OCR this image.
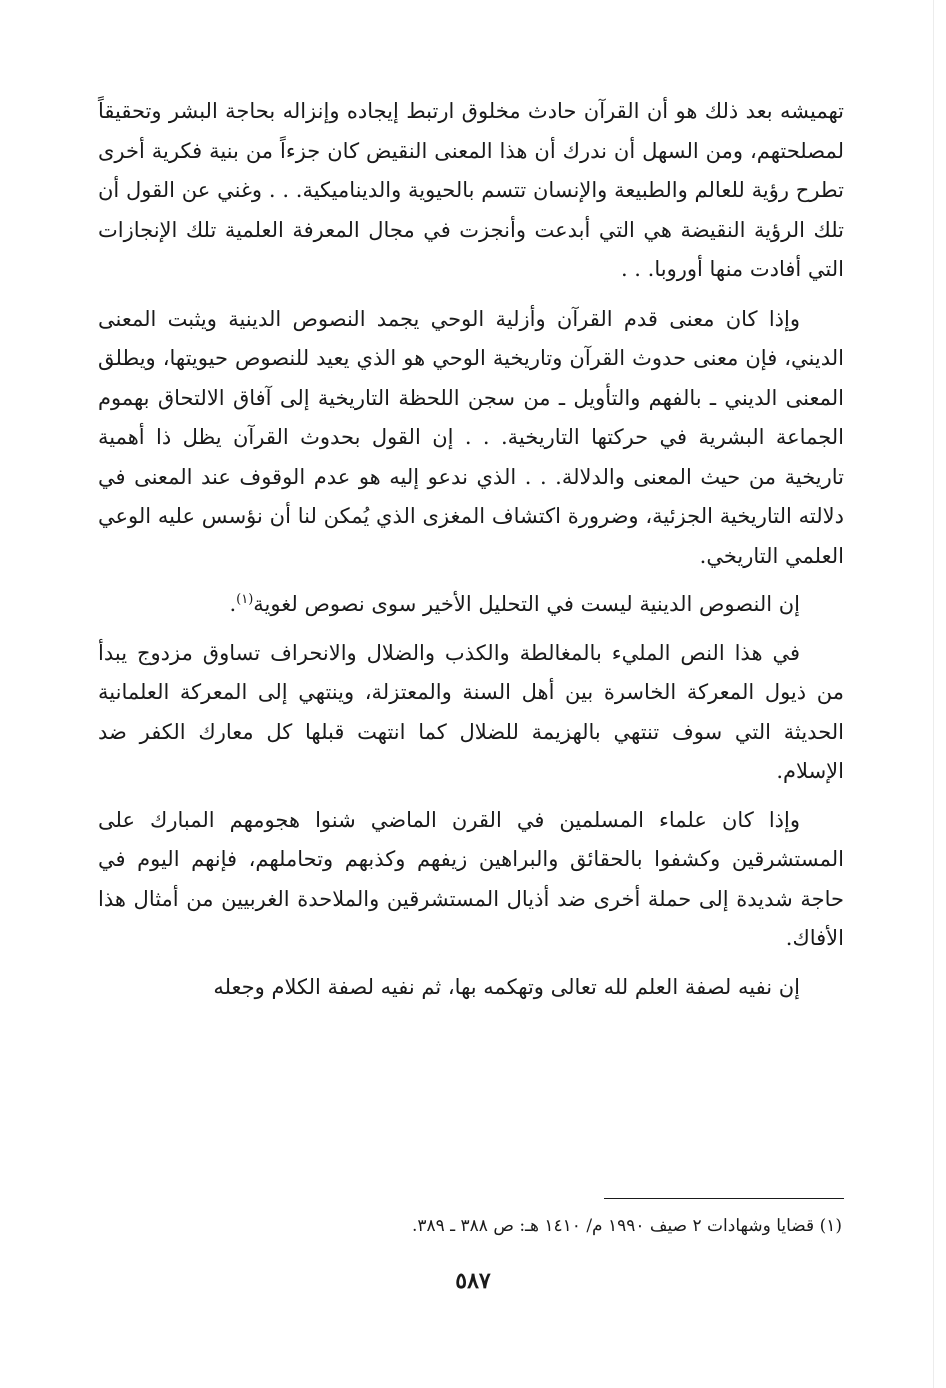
تهميشه بعد ذلك هو أن القرآن حادث مخلوق ارتبط إيجاده وإنزاله بحاجة البشر وتحقيقاً لمصلحتهم، ومن السهل أن ندرك أن هذا المعنى النقيض كان جزءاً من بنية فكرية أخرى تطرح رؤية للعالم والطبيعة والإنسان تتسم بالحيوية والديناميكية. . . وغني عن القول أن تلك الرؤية النقيضة هي التي أبدعت وأنجزت في مجال المعرفة العلمية تلك الإنجازات التي أفادت منها أوروبا. . .

وإذا كان معنى قدم القرآن وأزلية الوحي يجمد النصوص الدينية ويثبت المعنى الديني، فإن معنى حدوث القرآن وتاريخية الوحي هو الذي يعيد للنصوص حيويتها، ويطلق المعنى الديني ـ بالفهم والتأويل ـ من سجن اللحظة التاريخية إلى آفاق الالتحاق بهموم الجماعة البشرية في حركتها التاريخية. . . إن القول بحدوث القرآن يظل ذا أهمية تاريخية من حيث المعنى والدلالة. . . الذي ندعو إليه هو عدم الوقوف عند المعنى في دلالته التاريخية الجزئية، وضرورة اكتشاف المغزى الذي يُمكن لنا أن نؤسس عليه الوعي العلمي التاريخي.

إن النصوص الدينية ليست في التحليل الأخير سوى نصوص لغوية$^{(١)}$.

في هذا النص المليء بالمغالطة والكذب والضلال والانحراف تساوق مزدوج يبدأ من ذيول المعركة الخاسرة بين أهل السنة والمعتزلة، وينتهي إلى المعركة العلمانية الحديثة التي سوف تنتهي بالهزيمة للضلال كما انتهت قبلها كل معارك الكفر ضد الإسلام.

وإذا كان علماء المسلمين في القرن الماضي شنوا هجومهم المبارك على المستشرقين وكشفوا بالحقائق والبراهين زيفهم وكذبهم وتحاملهم، فإنهم اليوم في حاجة شديدة إلى حملة أخرى ضد أذيال المستشرقين والملاحدة الغربيين من أمثال هذا الأفاك.

إن نفيه لصفة العلم لله تعالى وتهكمه بها، ثم نفيه لصفة الكلام وجعله

(١) قضايا وشهادات ٢ صيف ١٩٩٠ م/ ١٤١٠ هـ: ص ٣٨٨ ـ ٣٨٩.

٥٨٧
